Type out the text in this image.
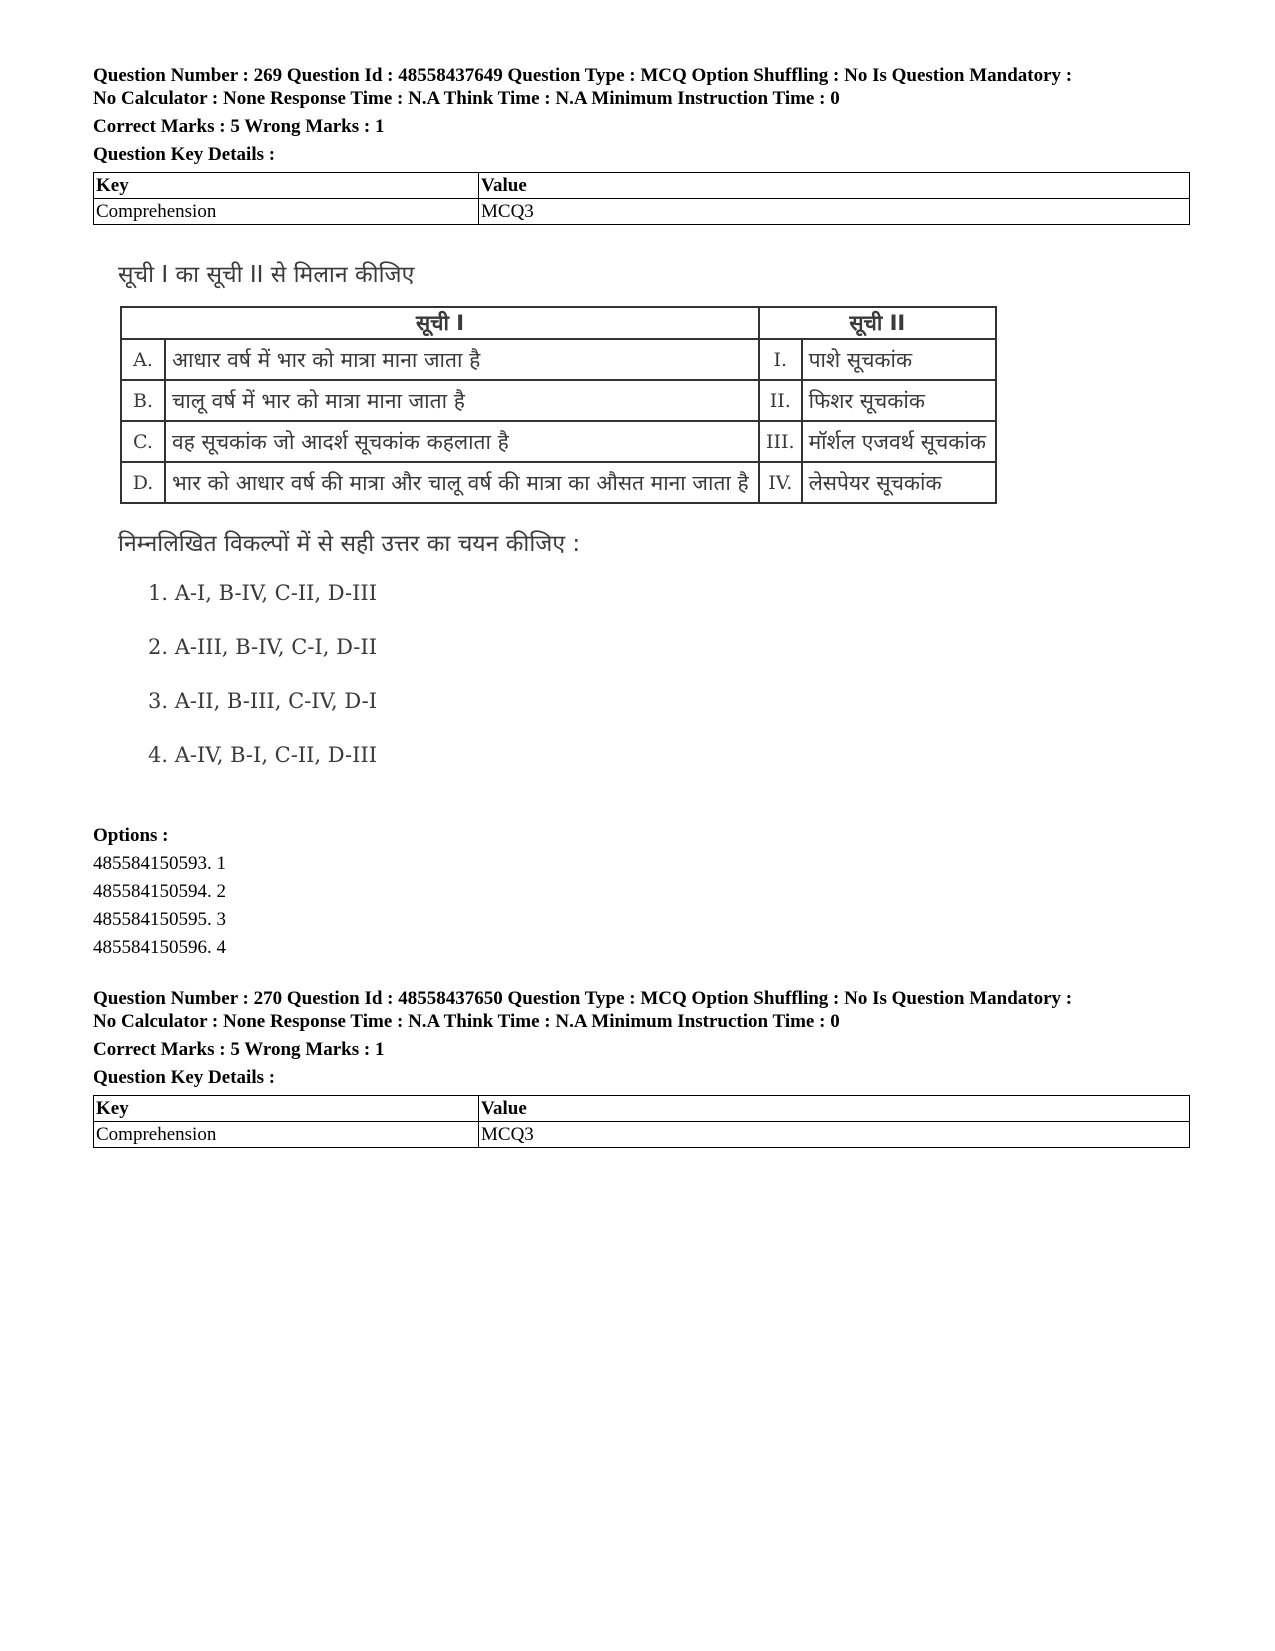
Question Number : 269 Question Id : 48558437649 Question Type : MCQ Option Shuffling : No Is Question Mandatory :
No Calculator : None Response Time : N.A Think Time : N.A Minimum Instruction Time : 0
Correct Marks : 5 Wrong Marks : 1
Question Key Details :
Key	Value
Comprehension	MCQ3
सूची I का सूची II से मिलान कीजिए
सूची I		सूची II	
A.	आधार वर्ष में भार को मात्रा माना जाता है	I.	पाशे सूचकांक
B.	चालू वर्ष में भार को मात्रा माना जाता है	II.	फिशर सूचकांक
C.	वह सूचकांक जो आदर्श सूचकांक कहलाता है	III.	मॉर्शल एजवर्थ सूचकांक
D.	भार को आधार वर्ष की मात्रा और चालू वर्ष की मात्रा का औसत माना जाता है	IV.	लेसपेयर सूचकांक
निम्नलिखित विकल्पों में से सही उत्तर का चयन कीजिए :
1. A-I, B-IV, C-II, D-III
2. A-III, B-IV, C-I, D-II
3. A-II, B-III, C-IV, D-I
4. A-IV, B-I, C-II, D-III
Options :
485584150593. 1
485584150594. 2
485584150595. 3
485584150596. 4
Question Number : 270 Question Id : 48558437650 Question Type : MCQ Option Shuffling : No Is Question Mandatory :
No Calculator : None Response Time : N.A Think Time : N.A Minimum Instruction Time : 0
Correct Marks : 5 Wrong Marks : 1
Question Key Details :
Key	Value
Comprehension	MCQ3
